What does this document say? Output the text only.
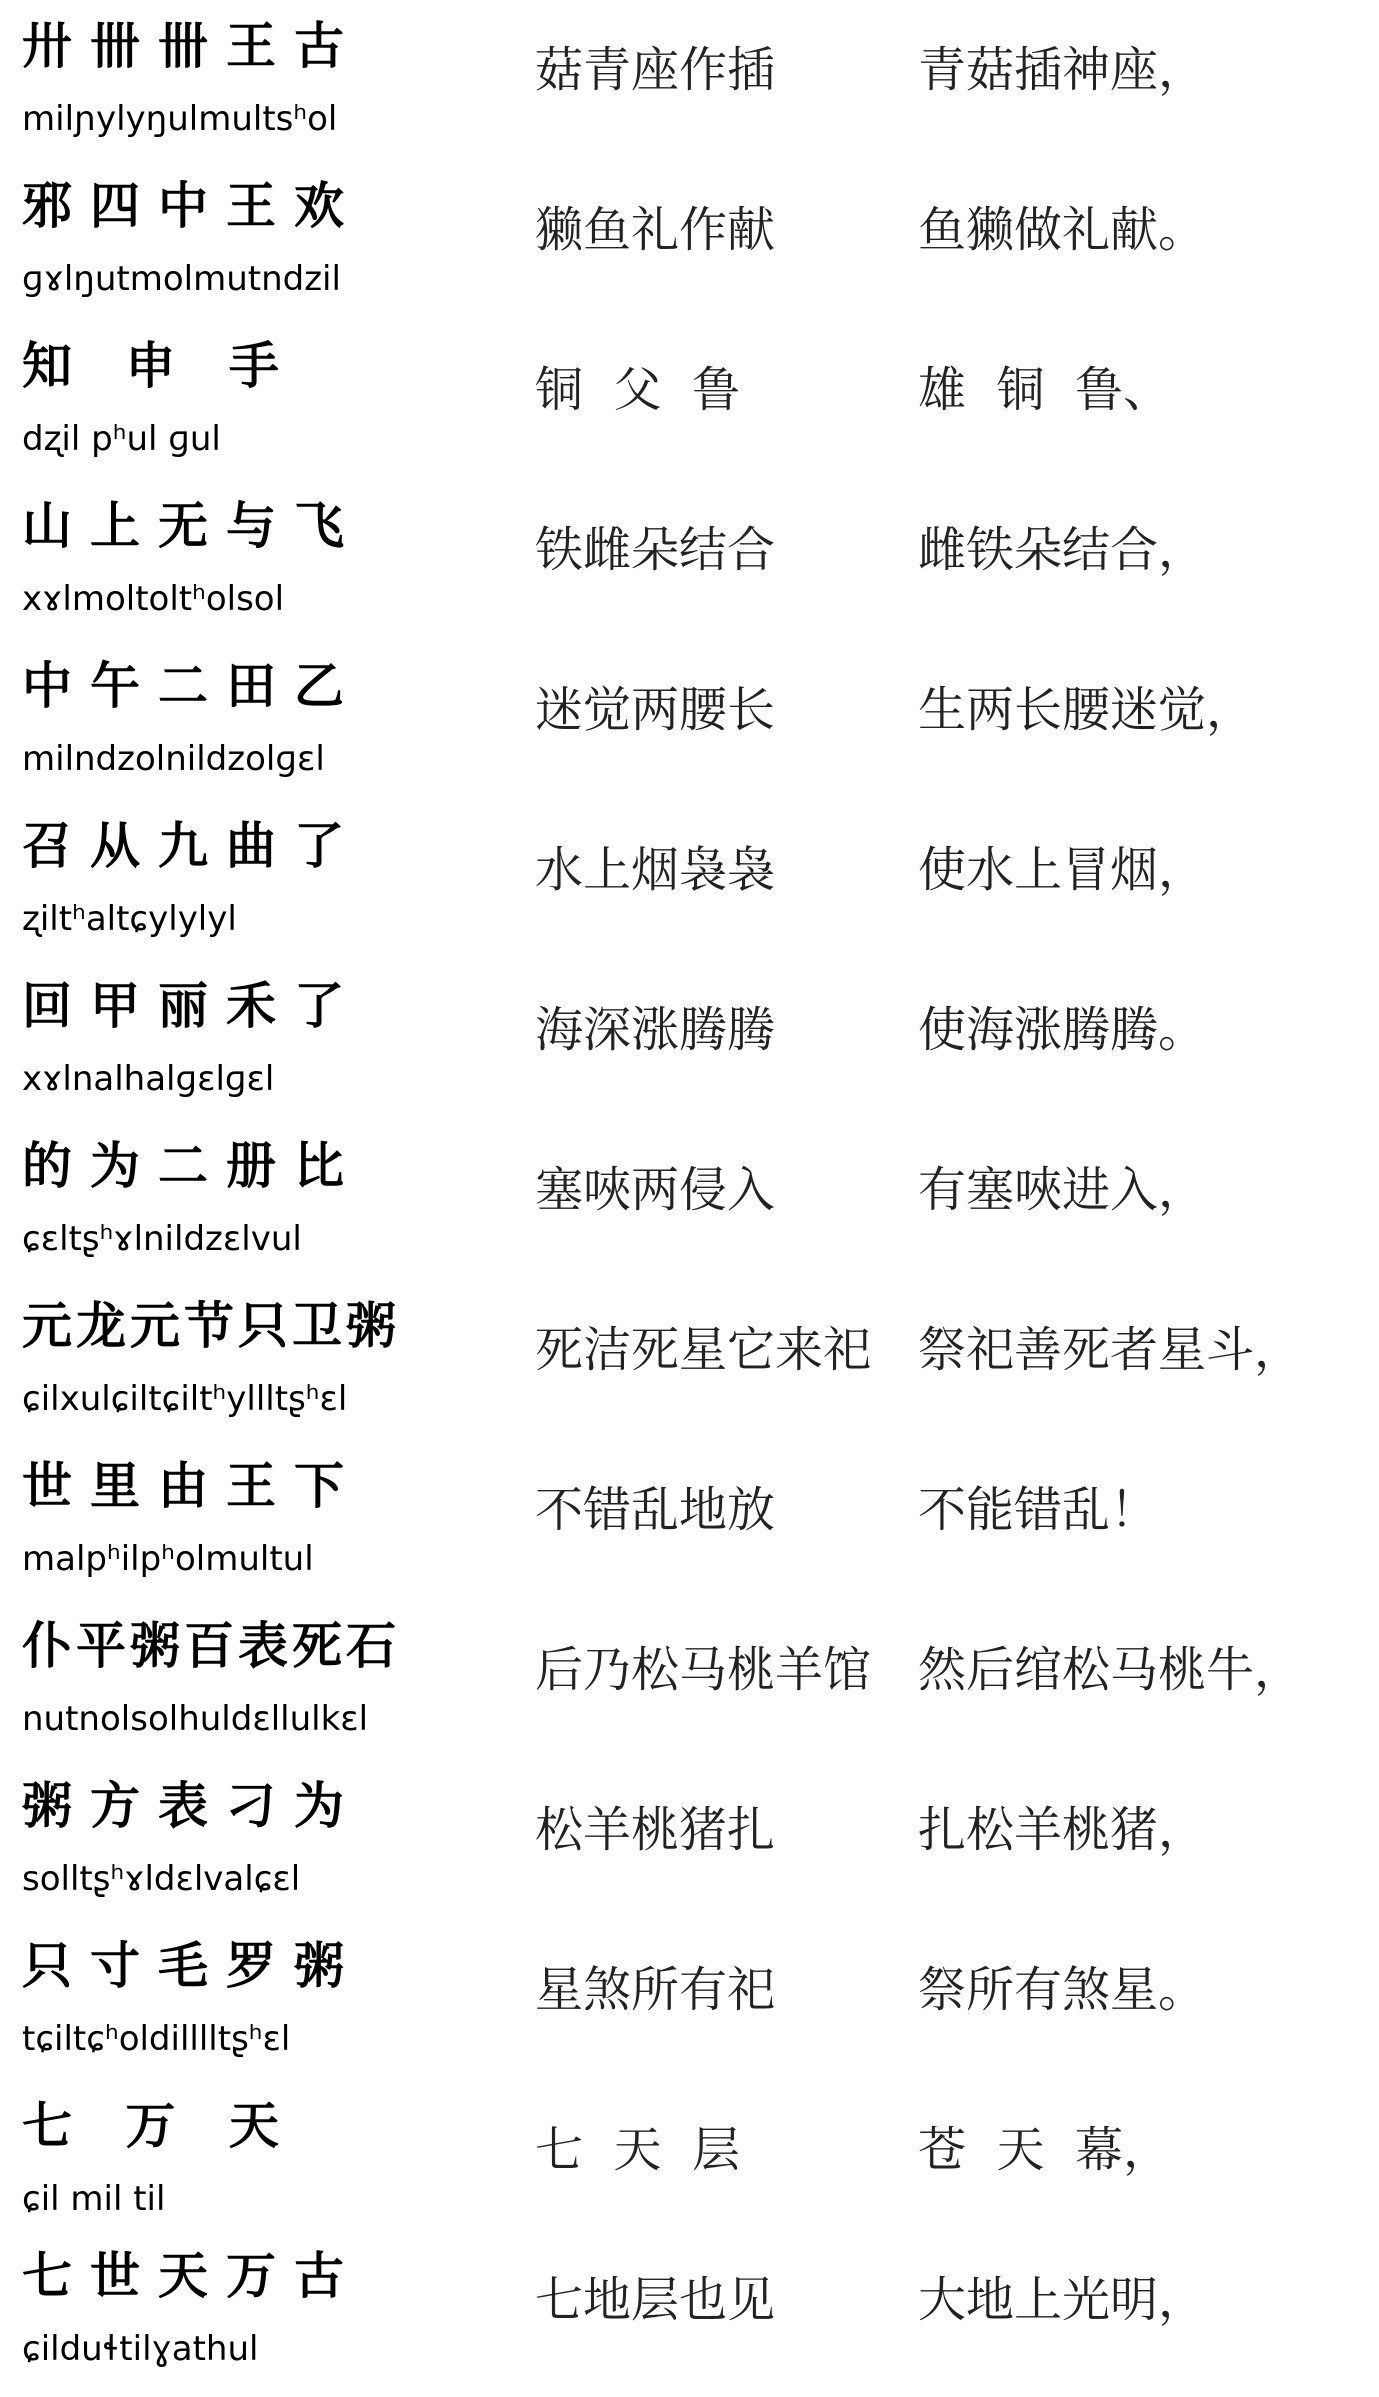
卅卌卌王古
milɲylyŋulmultsʰol
菇青座作插	青菇插神座，
邪四中王欢
ɡɤlŋutmolmutndzil
獭鱼礼作献	鱼獭做礼献。
知 申 手
dʐil pʰul ɡul
铜  父  鲁	雄  铜  鲁、
山上无与飞
xɤlmoltoltʰolsol
铁雌朵结合	雌铁朵结合，
中午二田乙
milndzolnildzolɡɛl
迷觉两腰长	生两长腰迷觉，
召从九曲了
ʐiltʰaltɕylylyl
水上烟袅袅	使水上冒烟，
回甲丽禾了
xɤlnalhalɡɛlɡɛl
海深涨腾腾	使海涨腾腾。
的为二册比
ɕɛltʂʰɤlnildzɛlvul
塞唊两侵入	有塞唊进入，
元龙元节只卫粥
ɕilxulɕiltɕiltʰyllltʂʰɛl
死洁死星它来祀 祭祀善死者星斗，
世里由王下
malpʰilpʰolmultul
不错乱地放	不能错乱！
仆平粥百表死石
nutnolsolhuldɛllulkɛl
后乃松马桃羊馆 然后绾松马桃牛，
粥方表刁为
solltʂʰɤldɛlvalɕɛl
松羊桃猪扎	扎松羊桃猪，
只寸毛罗粥
tɕiltɕʰoldilllltʂʰɛl
星煞所有祀	祭所有煞星。
七 万 天
ɕil mil til
七  天  层	苍  天  幕，
七世天万古
ɕilduɬtilɣathul
七地层也见	大地上光明，
